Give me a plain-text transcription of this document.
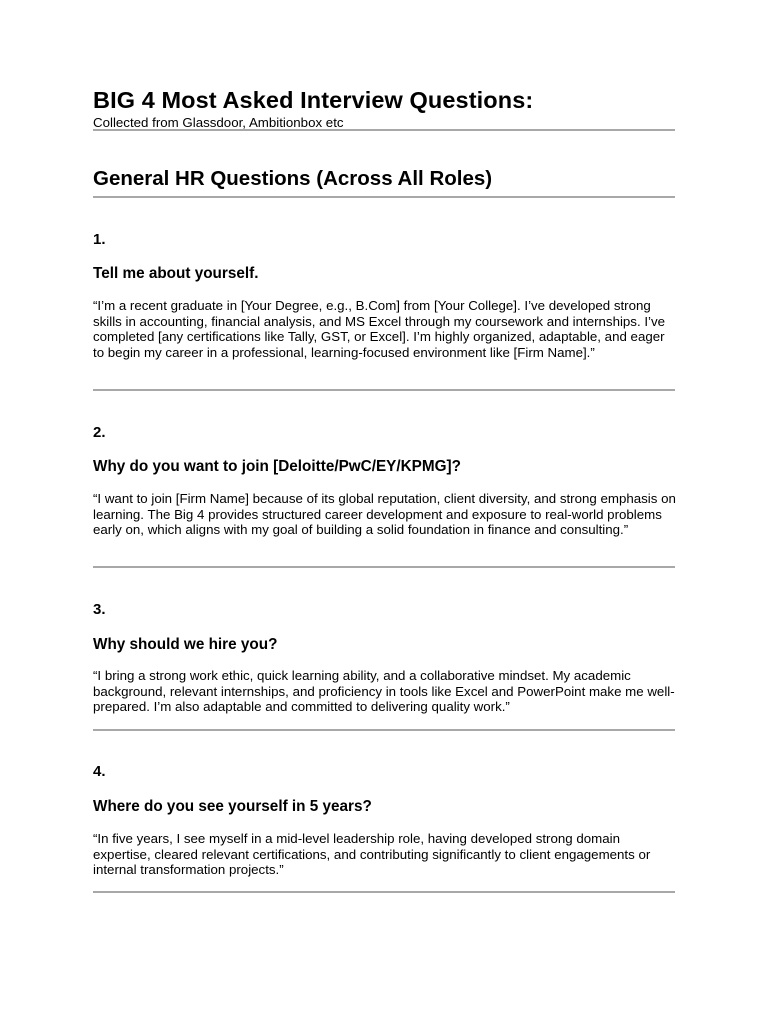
BIG 4 Most Asked Interview Questions:

Collected from Glassdoor, Ambitionbox etc

General HR Questions (Across All Roles)

1.

Tell me about yourself.

“I’m a recent graduate in [Your Degree, e.g., B.Com] from [Your College]. I’ve developed strong skills in accounting, financial analysis, and MS Excel through my coursework and internships. I’ve completed [any certifications like Tally, GST, or Excel]. I’m highly organized, adaptable, and eager to begin my career in a professional, learning-focused environment like [Firm Name].”

2.

Why do you want to join [Deloitte/PwC/EY/KPMG]?

“I want to join [Firm Name] because of its global reputation, client diversity, and strong emphasis on learning. The Big 4 provides structured career development and exposure to real-world problems early on, which aligns with my goal of building a solid foundation in finance and consulting.”

3.

Why should we hire you?

“I bring a strong work ethic, quick learning ability, and a collaborative mindset. My academic background, relevant internships, and proficiency in tools like Excel and PowerPoint make me well-prepared. I’m also adaptable and committed to delivering quality work.”

4.

Where do you see yourself in 5 years?

“In five years, I see myself in a mid-level leadership role, having developed strong domain expertise, cleared relevant certifications, and contributing significantly to client engagements or internal transformation projects.”
